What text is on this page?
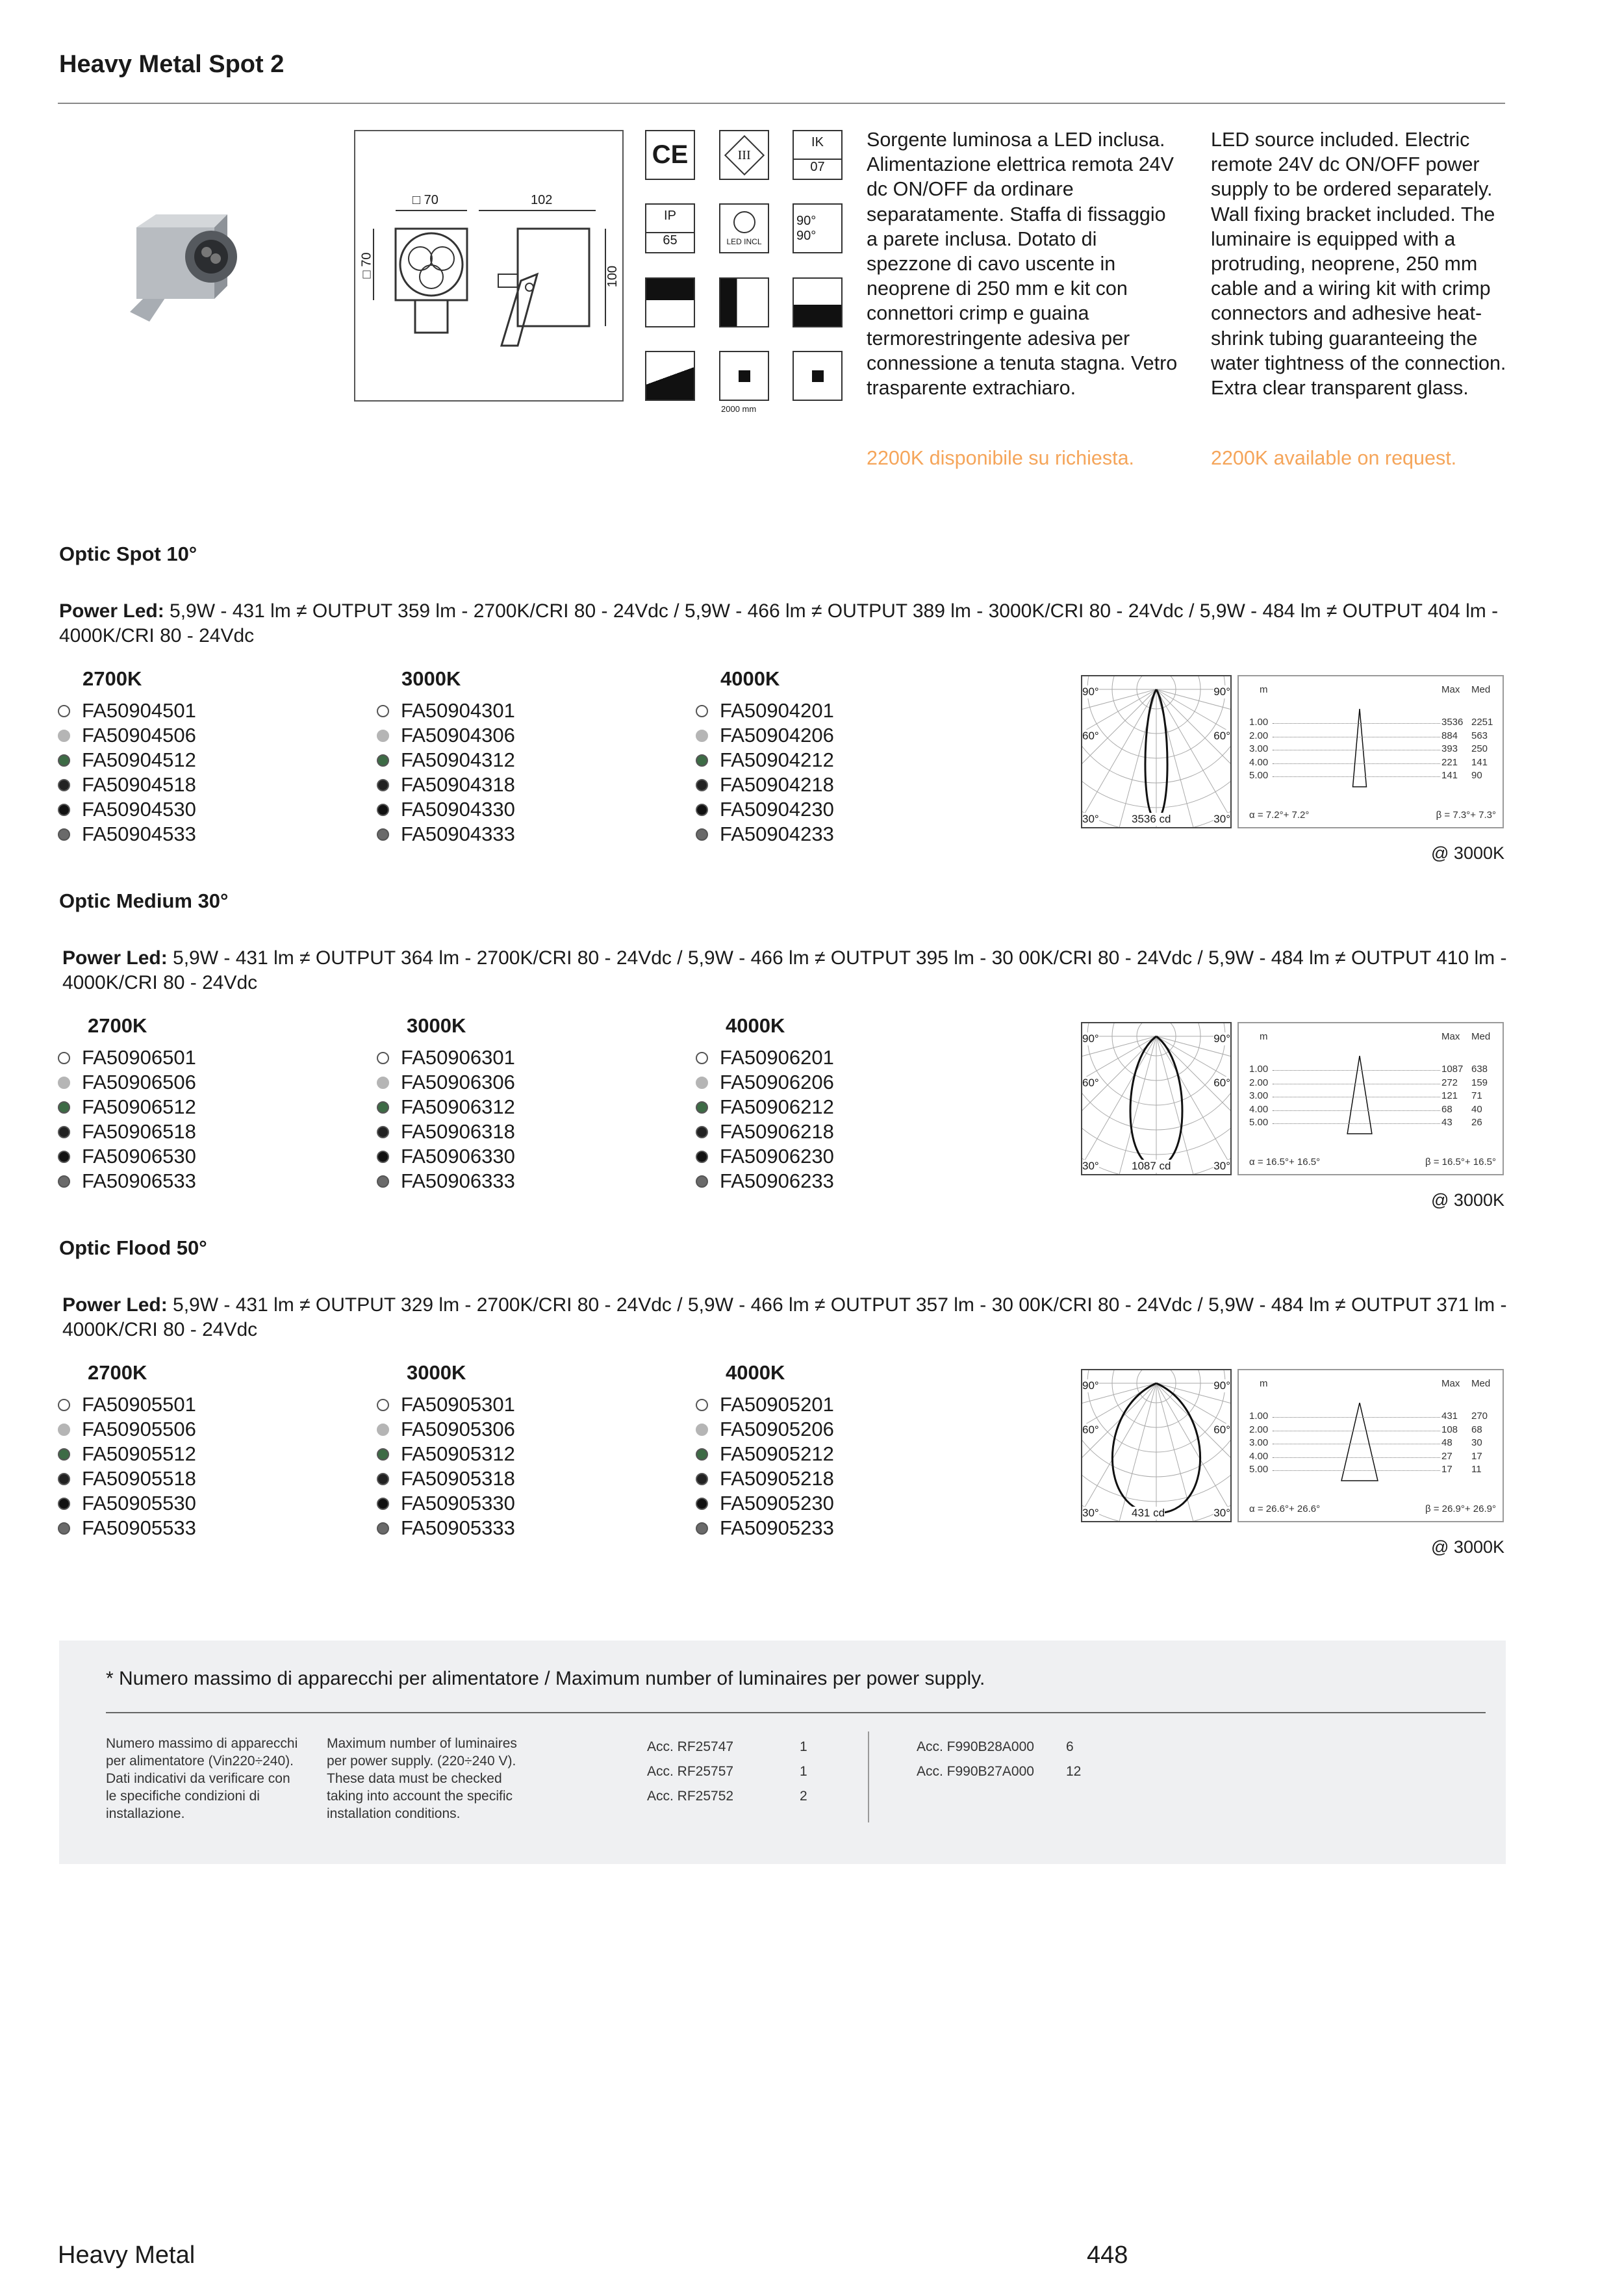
Heavy Metal Spot 2
□ 70	102
□ 70	100
CE	III
IK
07
IP
65	LED INCL
90°
90°
2000 mm
Sorgente luminosa a LED inclusa. Alimentazione elettrica remota 24V dc ON/OFF da ordinare separatamente. Staffa di fissaggio a parete inclusa. Dotato di spezzone di cavo uscente in neoprene di 250 mm e kit con connettori crimp e guaina termorestringente adesiva per connessione a tenuta stagna. Vetro trasparente extrachiaro.
LED source included. Electric remote 24V dc ON/OFF power supply to be ordered separately. Wall fixing bracket included. The luminaire is equipped with a protruding, neoprene, 250 mm cable and a wiring kit with crimp connectors and adhesive heat-shrink tubing guaranteeing the water tightness of the connection. Extra clear transparent glass.
2200K disponibile su richiesta.	2200K available on request.
Optic Spot 10°
Power Led: 5,9W - 431 lm ≠ OUTPUT 359 lm - 2700K/CRI 80 - 24Vdc / 5,9W - 466 lm ≠ OUTPUT 389 lm - 3000K/CRI 80 - 24Vdc / 5,9W - 484 lm ≠ OUTPUT 404 lm - 4000K/CRI 80 - 24Vdc
2700K
FA50904501
FA50904506
FA50904512
FA50904518
FA50904530
FA50904533
3000K
FA50904301
FA50904306
FA50904312
FA50904318
FA50904330
FA50904333
4000K
FA50904201
FA50904206
FA50904212
FA50904218
FA50904230
FA50904233
90°	90°
60°	60°
30°	30°
3536 cd
m	Max Med
1.00	3536 2251
2.00	884 563
3.00	393 250
4.00	221 141
5.00	141 90
α = 7.2°+ 7.2°	β = 7.3°+ 7.3°
@ 3000K
Optic Medium 30°
Power Led: 5,9W - 431 lm ≠ OUTPUT 364 lm - 2700K/CRI 80 - 24Vdc / 5,9W - 466 lm ≠ OUTPUT 395 lm - 30 00K/CRI 80 - 24Vdc / 5,9W - 484 lm ≠ OUTPUT 410 lm - 4000K/CRI 80 - 24Vdc
2700K
FA50906501
FA50906506
FA50906512
FA50906518
FA50906530
FA50906533
3000K
FA50906301
FA50906306
FA50906312
FA50906318
FA50906330
FA50906333
4000K
FA50906201
FA50906206
FA50906212
FA50906218
FA50906230
FA50906233
90°	90°
60°	60°
30°	30°
1087 cd
m	Max Med
1.00	1087 638
2.00	272 159
3.00	121 71
4.00	68 40
5.00	43 26
α = 16.5°+ 16.5°	β = 16.5°+ 16.5°
@ 3000K
Optic Flood 50°
Power Led: 5,9W - 431 lm ≠ OUTPUT 329 lm - 2700K/CRI 80 - 24Vdc / 5,9W - 466 lm ≠ OUTPUT 357 lm - 30 00K/CRI 80 - 24Vdc / 5,9W - 484 lm ≠ OUTPUT 371 lm - 4000K/CRI 80 - 24Vdc
2700K
FA50905501
FA50905506
FA50905512
FA50905518
FA50905530
FA50905533
3000K
FA50905301
FA50905306
FA50905312
FA50905318
FA50905330
FA50905333
4000K
FA50905201
FA50905206
FA50905212
FA50905218
FA50905230
FA50905233
90°	90°
60°	60°
30°	30°
431 cd
m	Max Med
1.00	431 270
2.00	108 68
3.00	48 30
4.00	27 17
5.00	17 11
α = 26.6°+ 26.6°	β = 26.9°+ 26.9°
@ 3000K
* Numero massimo di apparecchi per alimentatore / Maximum number of luminaires per power supply.
Numero massimo di apparecchi per alimentatore (Vin220÷240). Dati indicativi da verificare con le specifiche condizioni di installazione.
Maximum number of luminaires per power supply. (220÷240 V). These data must be checked taking into account the specific installation conditions.
Acc. RF25747	1
Acc. RF25757	1
Acc. RF25752	2
Acc. F990B28A000 6
Acc. F990B27A000 12
Heavy Metal	448
